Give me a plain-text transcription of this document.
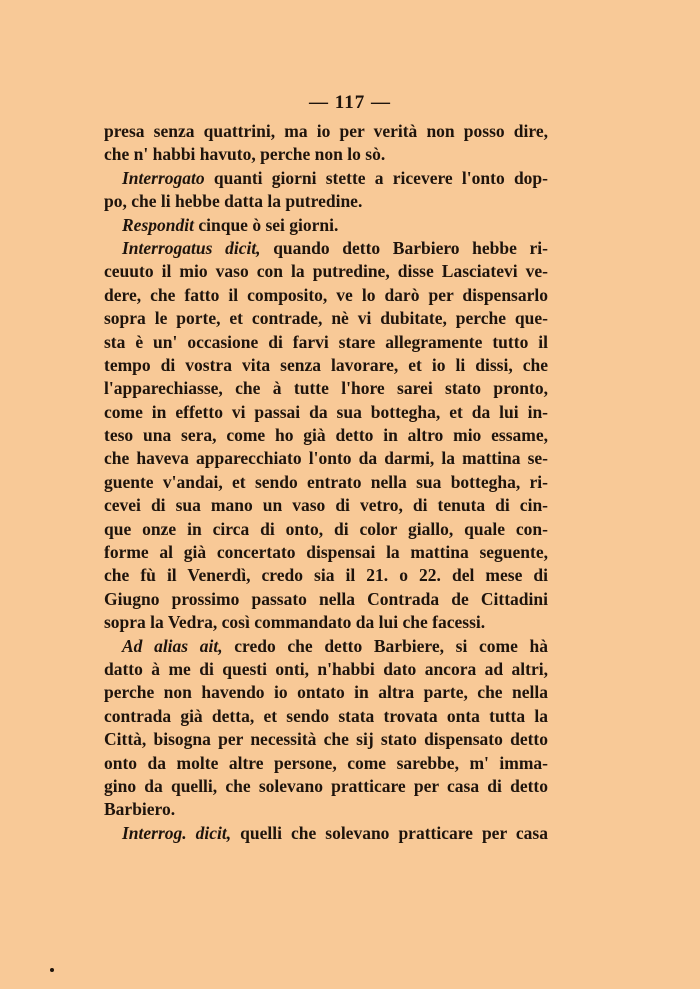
— 117 —
presa senza quattrini, ma io per verità non posso dire,
che n' habbi havuto, perche non lo sò.
Interrogato quanti giorni stette a ricevere l'onto dop-
po, che li hebbe datta la putredine.
Respondit cinque ò sei giorni.
Interrogatus dicit, quando detto Barbiero hebbe ri-
ceuuto il mio vaso con la putredine, disse Lasciatevi ve-
dere, che fatto il composito, ve lo darò per dispensarlo
sopra le porte, et contrade, nè vi dubitate, perche que-
sta è un' occasione di farvi stare allegramente tutto il
tempo di vostra vita senza lavorare, et io li dissi, che
l'apparechiasse, che à tutte l'hore sarei stato pronto,
come in effetto vi passai da sua bottegha, et da lui in-
teso una sera, come ho già detto in altro mio essame,
che haveva apparecchiato l'onto da darmi, la mattina se-
guente v'andai, et sendo entrato nella sua bottegha, ri-
cevei di sua mano un vaso di vetro, di tenuta di cin-
que onze in circa di onto, di color giallo, quale con-
forme al già concertato dispensai la mattina seguente,
che fù il Venerdì, credo sia il 21. o 22. del mese di
Giugno prossimo passato nella Contrada de Cittadini
sopra la Vedra, così commandato da lui che facessi.
Ad alias ait, credo che detto Barbiere, si come hà
datto à me di questi onti, n'habbi dato ancora ad altri,
perche non havendo io ontato in altra parte, che nella
contrada già detta, et sendo stata trovata onta tutta la
Città, bisogna per necessità che sij stato dispensato detto
onto da molte altre persone, come sarebbe, m' imma-
gino da quelli, che solevano pratticare per casa di detto
Barbiero.
Interrog. dicit, quelli che solevano pratticare per casa
